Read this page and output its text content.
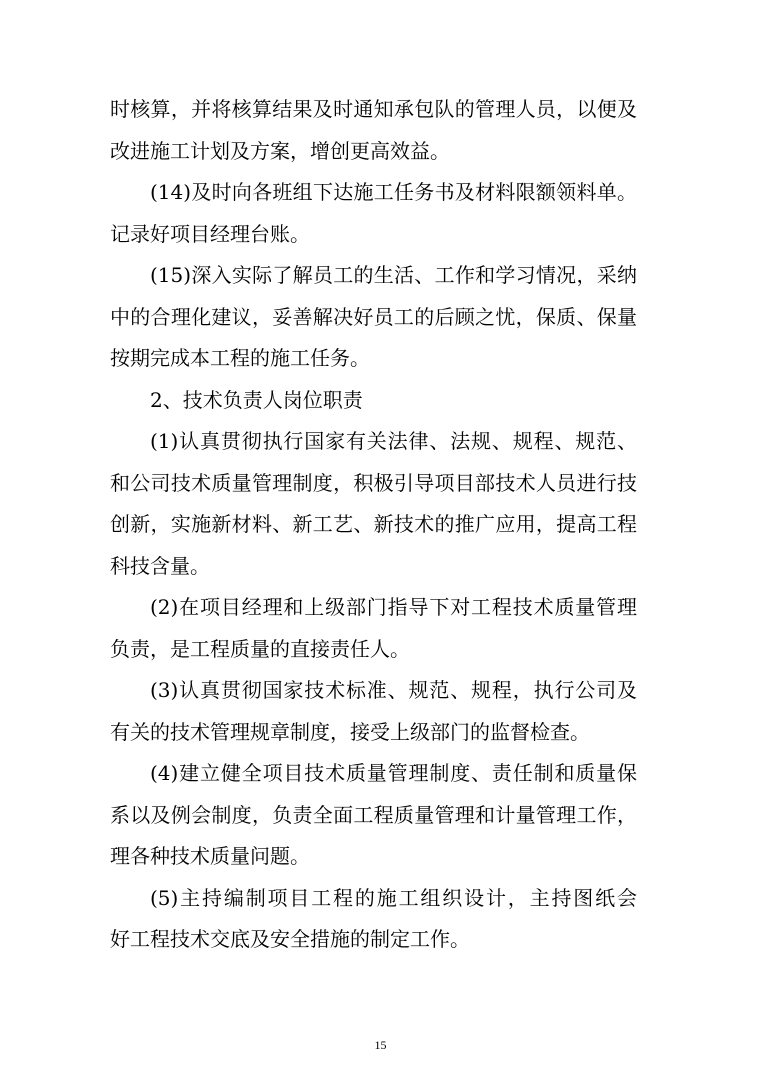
时核算，并将核算结果及时通知承包队的管理人员，以便及
改进施工计划及方案，增创更高效益。
(14)及时向各班组下达施工任务书及材料限额领料单。
记录好项目经理台账。
(15)深入实际了解员工的生活、工作和学习情况，采纳
中的合理化建议，妥善解决好员工的后顾之忧，保质、保量
按期完成本工程的施工任务。
2、技术负责人岗位职责
(1)认真贯彻执行国家有关法律、法规、规程、规范、
和公司技术质量管理制度，积极引导项目部技术人员进行技
创新，实施新材料、新工艺、新技术的推广应用，提高工程
科技含量。
(2)在项目经理和上级部门指导下对工程技术质量管理
负责，是工程质量的直接责任人。
(3)认真贯彻国家技术标准、规范、规程，执行公司及
有关的技术管理规章制度，接受上级部门的监督检查。
(4)建立健全项目技术质量管理制度、责任制和质量保
系以及例会制度，负责全面工程质量管理和计量管理工作，
理各种技术质量问题。
(5)主持编制项目工程的施工组织设计，主持图纸会
好工程技术交底及安全措施的制定工作。
15
